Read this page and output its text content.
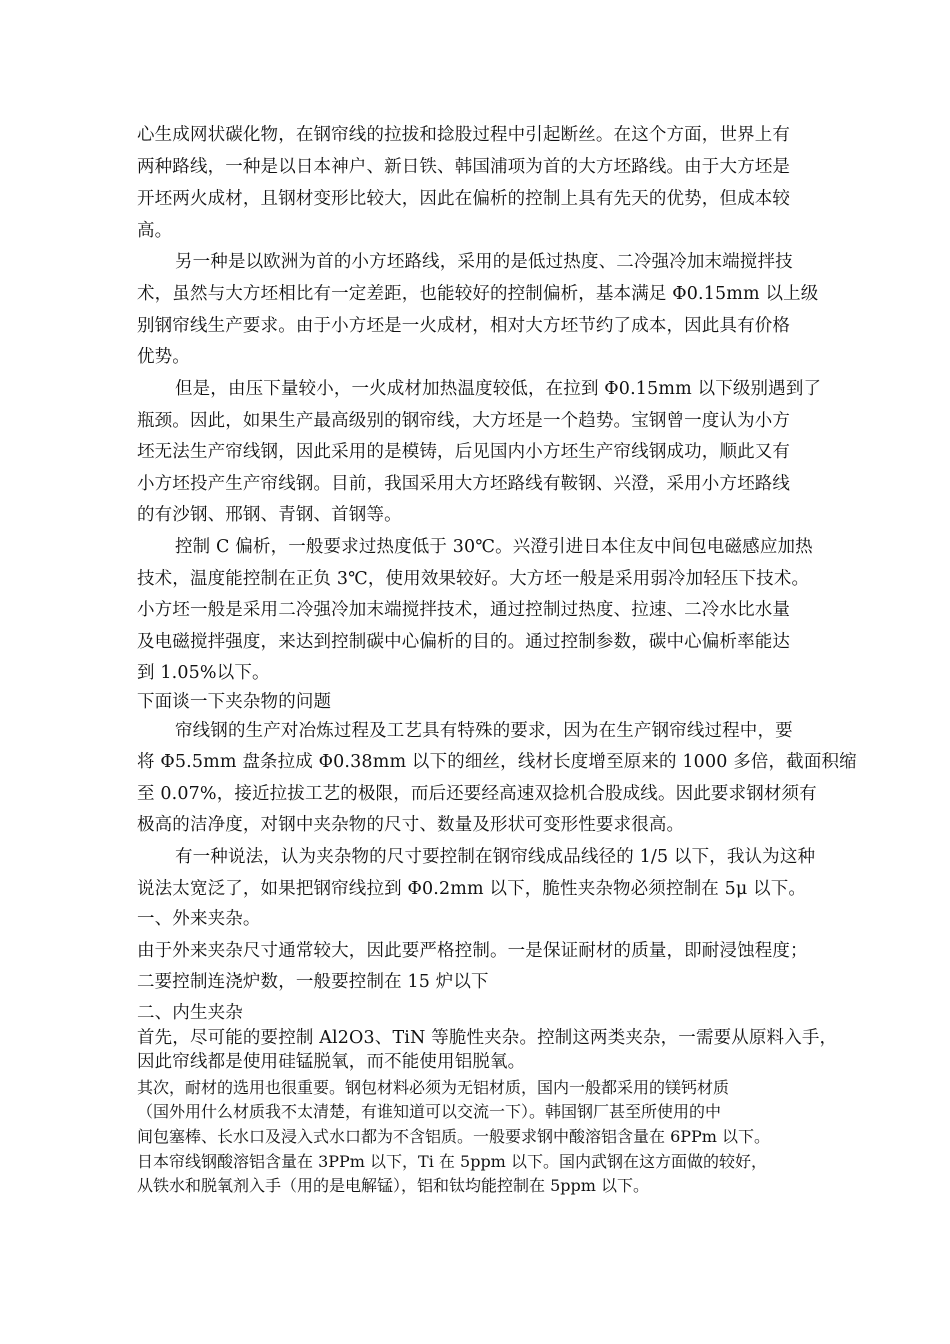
心生成网状碳化物，在钢帘线的拉拔和捻股过程中引起断丝。在这个方面，世界上有
两种路线，一种是以日本神户、新日铁、韩国浦项为首的大方坯路线。由于大方坯是
开坯两火成材，且钢材变形比较大，因此在偏析的控制上具有先天的优势，但成本较
高。
另一种是以欧洲为首的小方坯路线，采用的是低过热度、二冷强冷加末端搅拌技
术，虽然与大方坯相比有一定差距，也能较好的控制偏析，基本满足 Φ0.15mm 以上级
别钢帘线生产要求。由于小方坯是一火成材，相对大方坯节约了成本，因此具有价格
优势。
但是，由压下量较小，一火成材加热温度较低，在拉到 Φ0.15mm 以下级别遇到了
瓶颈。因此，如果生产最高级别的钢帘线，大方坯是一个趋势。宝钢曾一度认为小方
坯无法生产帘线钢，因此采用的是模铸，后见国内小方坯生产帘线钢成功，顺此又有
小方坯投产生产帘线钢。目前，我国采用大方坯路线有鞍钢、兴澄，采用小方坯路线
的有沙钢、邢钢、青钢、首钢等。
控制 C 偏析，一般要求过热度低于 30℃。兴澄引进日本住友中间包电磁感应加热
技术，温度能控制在正负 3℃，使用效果较好。大方坯一般是采用弱冷加轻压下技术。
小方坯一般是采用二冷强冷加末端搅拌技术，通过控制过热度、拉速、二冷水比水量
及电磁搅拌强度，来达到控制碳中心偏析的目的。通过控制参数，碳中心偏析率能达
到 1.05%以下。
下面谈一下夹杂物的问题
帘线钢的生产对冶炼过程及工艺具有特殊的要求，因为在生产钢帘线过程中，要
将 Φ5.5mm 盘条拉成 Φ0.38mm 以下的细丝，线材长度增至原来的 1000 多倍，截面积缩
至 0.07%，接近拉拔工艺的极限，而后还要经高速双捻机合股成线。因此要求钢材须有
极高的洁净度，对钢中夹杂物的尺寸、数量及形状可变形性要求很高。
有一种说法，认为夹杂物的尺寸要控制在钢帘线成品线径的 1/5 以下，我认为这种
说法太宽泛了，如果把钢帘线拉到 Φ0.2mm 以下，脆性夹杂物必须控制在 5μ 以下。
一、外来夹杂。
由于外来夹杂尺寸通常较大，因此要严格控制。一是保证耐材的质量，即耐浸蚀程度；
二要控制连浇炉数，一般要控制在 15 炉以下
二、内生夹杂
首先，尽可能的要控制 Al2O3、TiN 等脆性夹杂。控制这两类夹杂，一需要从原料入手，
因此帘线都是使用硅锰脱氧，而不能使用铝脱氧。
其次，耐材的选用也很重要。钢包材料必须为无铝材质，国内一般都采用的镁钙材质
（国外用什么材质我不太清楚，有谁知道可以交流一下）。韩国钢厂甚至所使用的中
间包塞棒、长水口及浸入式水口都为不含铝质。一般要求钢中酸溶铝含量在 6PPm 以下。
日本帘线钢酸溶铝含量在 3PPm 以下，Ti 在 5ppm 以下。国内武钢在这方面做的较好，
从铁水和脱氧剂入手（用的是电解锰），铝和钛均能控制在 5ppm 以下。
